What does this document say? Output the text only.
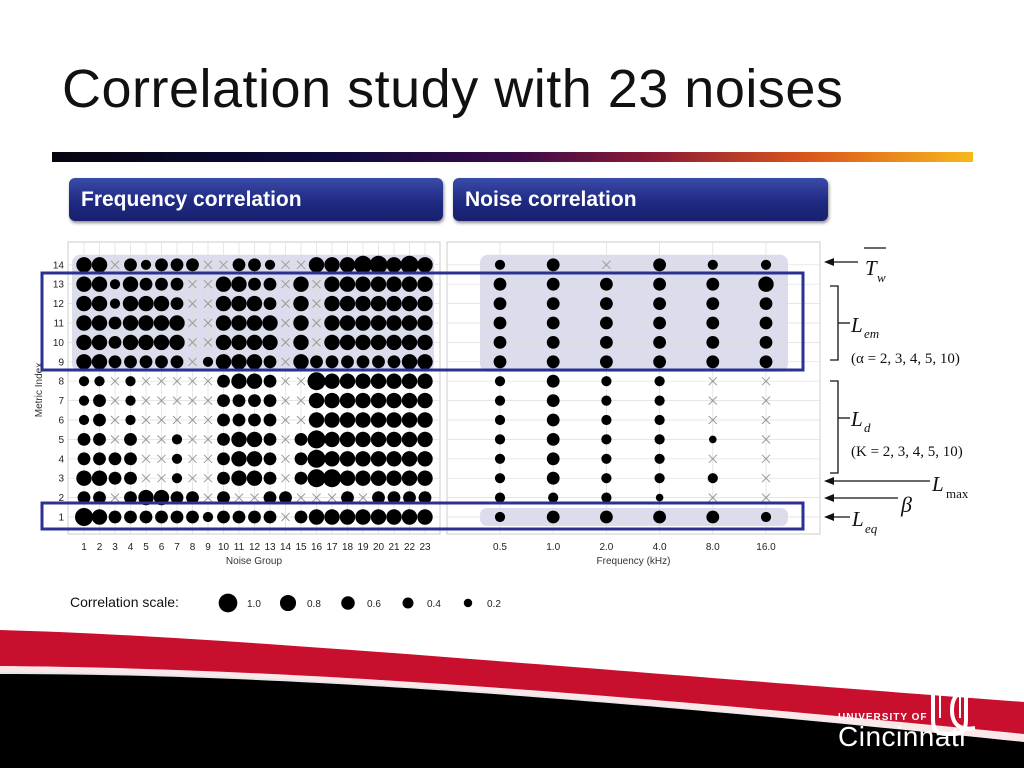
Correlation study with 23 noises
Frequency correlation	Noise correlation
1 2 3 4 5 6 7 8 9 10 11 12 13 14 15 16 17 18 19 20 21 22 23
Noise Group
1
2
3
4
5
6
7
8
9
10
11
12
13
14
Metric Index
0.5	1.0	2.0	4.0	8.0	16.0
Frequency (kHz)
1.0	0.8	0.6	0.4	0.2
T w
L em
(α = 2, 3, 4, 5, 10)
L d
(K = 2, 3, 4, 5, 10)
L max
β
L eq
Correlation scale:
UNIVERSITY OF
Cincinnati
